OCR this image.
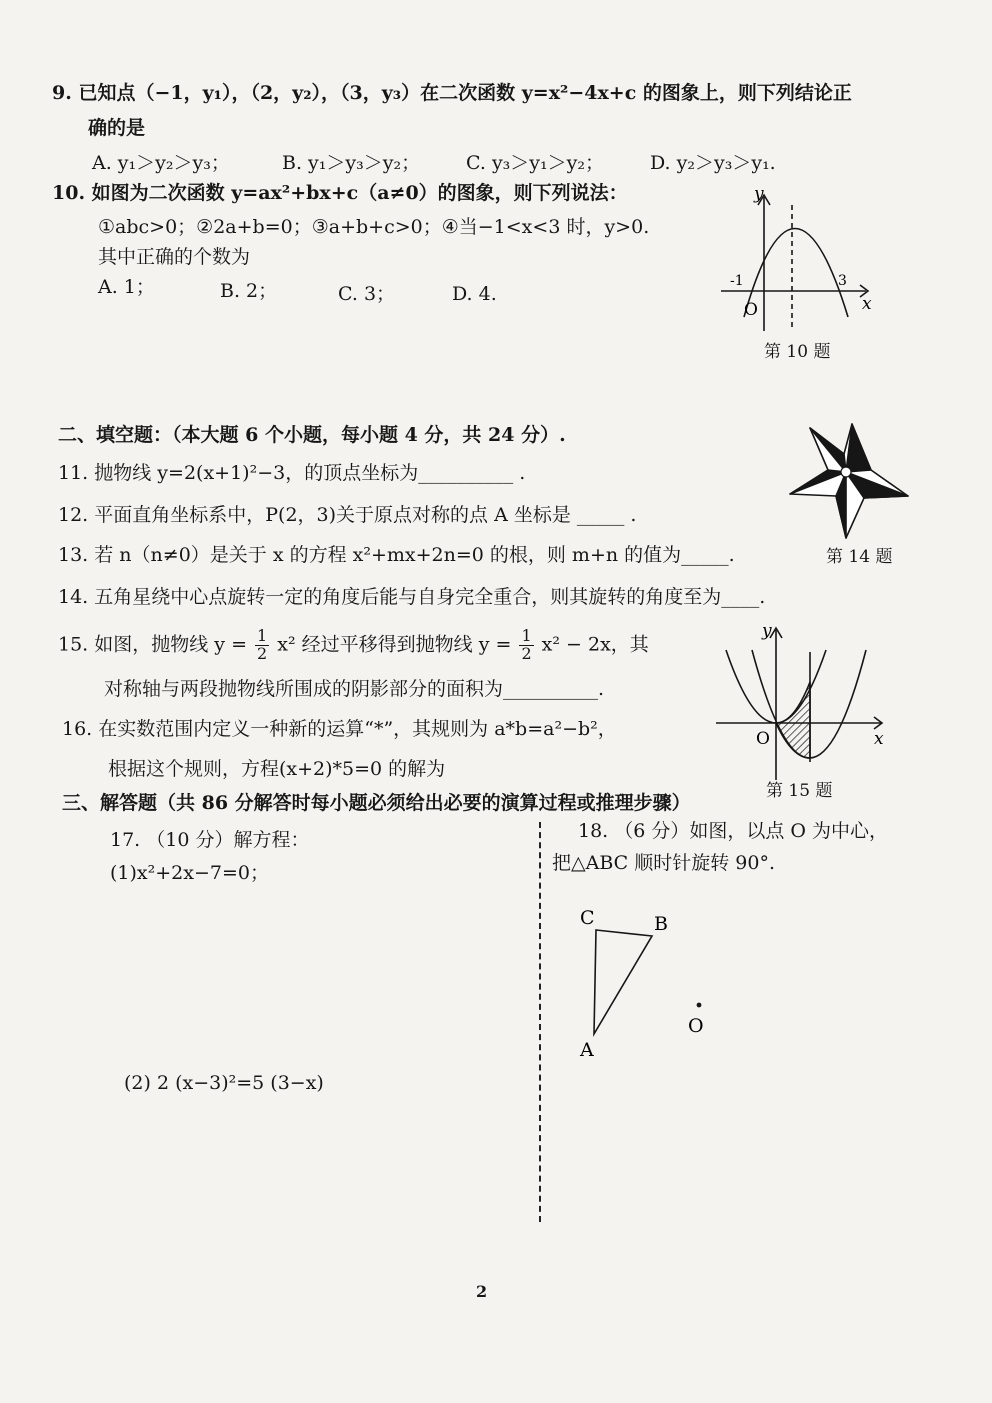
9. 已知点（−1，y₁），（2，y₂），（3，y₃）在二次函数 y=x²−4x+c 的图象上，则下列结论正
确的是
A. y₁＞y₂＞y₃；	B. y₁＞y₃＞y₂； C. y₃＞y₁＞y₂； D. y₂＞y₃＞y₁.
10. 如图为二次函数 y=ax²+bx+c（a≠0）的图象，则下列说法：
①abc>0；②2a+b=0；③a+b+c>0；④当−1<x<3 时，y>0.
其中正确的个数为
A. 1；	B. 2；	C. 3；	D. 4.
y
x
O
-1	3
第 10 题
二、填空题：（本大题 6 个小题，每小题 4 分，共 24 分）.
11. 抛物线 y=2(x+1)²−3，的顶点坐标为__________ .
12. 平面直角坐标系中，P(2，3)关于原点对称的点 A 坐标是 _____ .
13. 若 n（n≠0）是关于 x 的方程 x²+mx+2n=0 的根，则 m+n 的值为_____.
14. 五角星绕中心点旋转一定的角度后能与自身完全重合，则其旋转的角度至为____.
第 14 题
15. 如图，抛物线 $y = \frac{1}{2} x^2$ 经过平移得到抛物线 $y = \frac{1}{2} x^2 - 2x$，其
对称轴与两段抛物线所围成的阴影部分的面积为__________.
y
x
O
第 15 题
16. 在实数范围内定义一种新的运算“*”，其规则为 a*b=a²−b²，
根据这个规则，方程(x+2)*5=0 的解为
三、解答题（共 86 分解答时每小题必须给出必要的演算过程或推理步骤）
17. （10 分）解方程：
(1)x²+2x−7=0；
(2) 2 (x−3)²=5 (3−x)
18. （6 分）如图，以点 O 为中心，
把△ABC 顺时针旋转 90°.
C	B
A
O
2
